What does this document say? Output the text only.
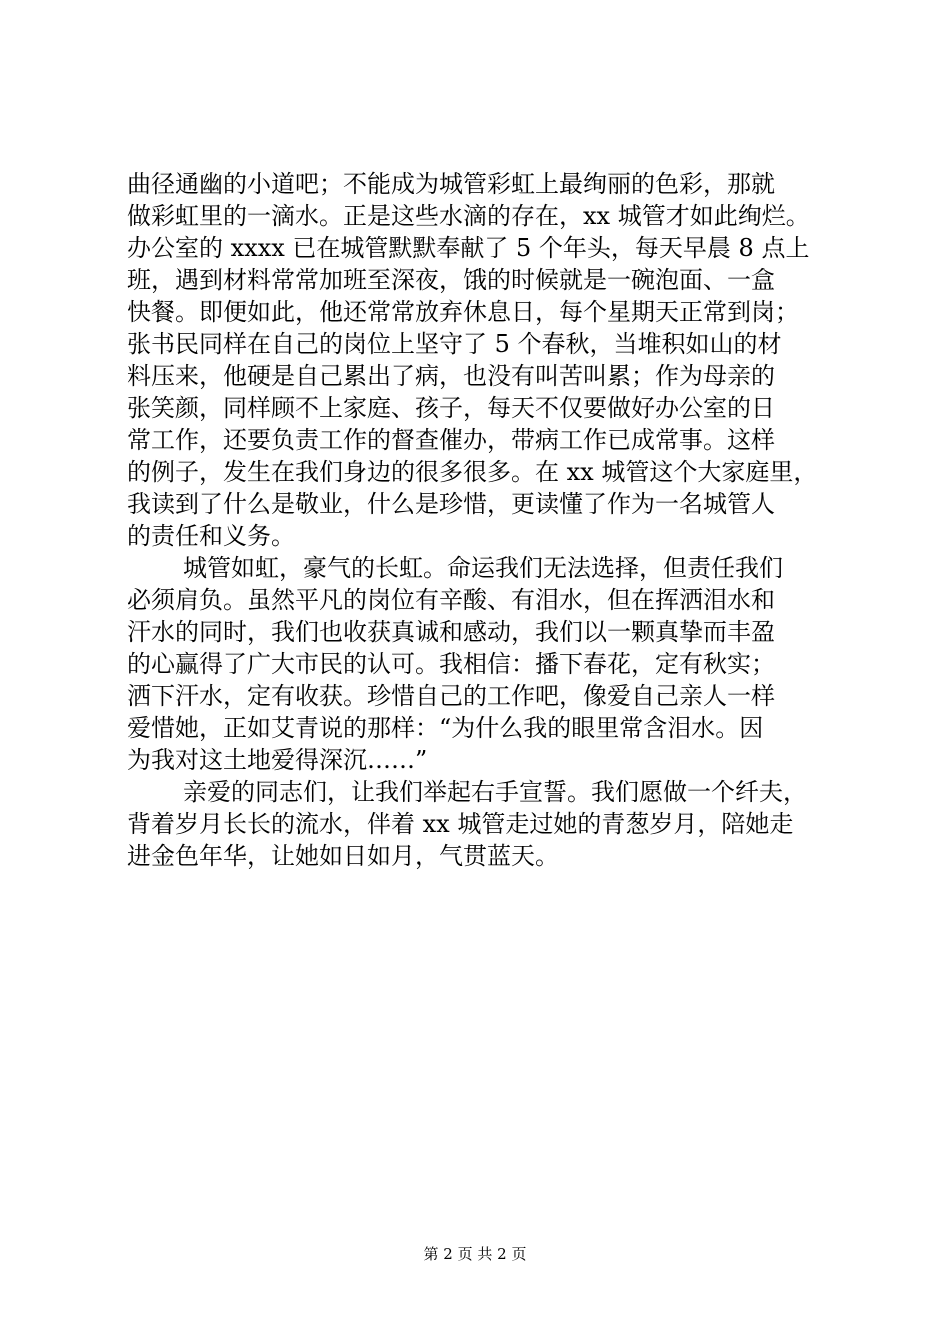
曲径通幽的小道吧；不能成为城管彩虹上最绚丽的色彩，那就
做彩虹里的一滴水。正是这些水滴的存在，xx 城管才如此绚烂。
办公室的 xxxx 已在城管默默奉献了 5 个年头，每天早晨 8 点上
班，遇到材料常常加班至深夜，饿的时候就是一碗泡面、一盒
快餐。即便如此，他还常常放弃休息日，每个星期天正常到岗；
张书民同样在自己的岗位上坚守了 5 个春秋，当堆积如山的材
料压来，他硬是自己累出了病，也没有叫苦叫累；作为母亲的
张笑颜，同样顾不上家庭、孩子，每天不仅要做好办公室的日
常工作，还要负责工作的督查催办，带病工作已成常事。这样
的例子，发生在我们身边的很多很多。在 xx 城管这个大家庭里，
我读到了什么是敬业，什么是珍惜，更读懂了作为一名城管人
的责任和义务。
城管如虹，豪气的长虹。命运我们无法选择，但责任我们
必须肩负。虽然平凡的岗位有辛酸、有泪水，但在挥洒泪水和
汗水的同时，我们也收获真诚和感动，我们以一颗真挚而丰盈
的心赢得了广大市民的认可。我相信：播下春花，定有秋实；
洒下汗水，定有收获。珍惜自己的工作吧，像爱自己亲人一样
爱惜她，正如艾青说的那样：“为什么我的眼里常含泪水。因
为我对这土地爱得深沉……”
亲爱的同志们，让我们举起右手宣誓。我们愿做一个纤夫，
背着岁月长长的流水，伴着 xx 城管走过她的青葱岁月，陪她走
进金色年华，让她如日如月，气贯蓝天。
第 2 页 共 2 页
